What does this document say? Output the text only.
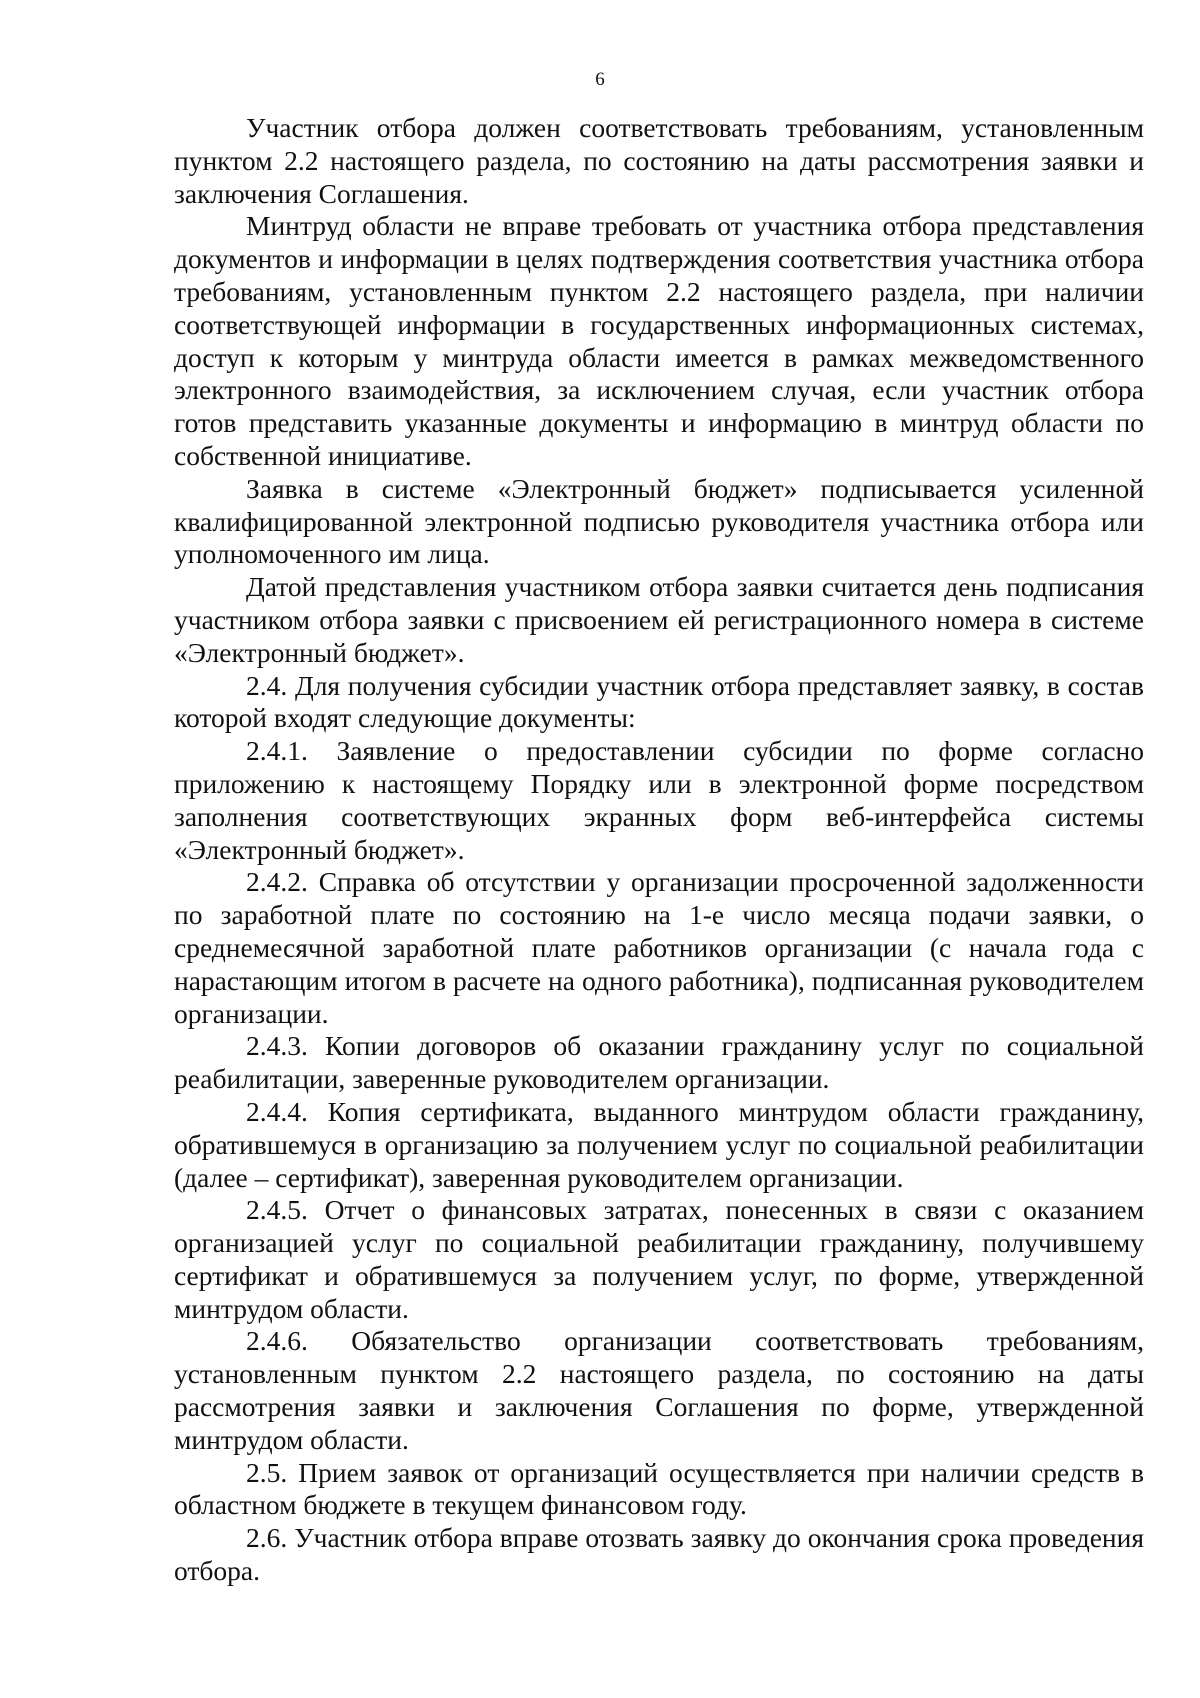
6

Участник отбора должен соответствовать требованиям, установленным пунктом 2.2 настоящего раздела, по состоянию на даты рассмотрения заявки и заключения Соглашения.

Минтруд области не вправе требовать от участника отбора представления документов и информации в целях подтверждения соответствия участника отбора требованиям, установленным пунктом 2.2 настоящего раздела, при наличии соответствующей информации в государственных информационных системах, доступ к которым у минтруда области имеется в рамках межведомственного электронного взаимодействия, за исключением случая, если участник отбора готов представить указанные документы и информацию в минтруд области по собственной инициативе.

Заявка в системе «Электронный бюджет» подписывается усиленной квалифицированной электронной подписью руководителя участника отбора или уполномоченного им лица.

Датой представления участником отбора заявки считается день подписания участником отбора заявки с присвоением ей регистрационного номера в системе «Электронный бюджет».

2.4. Для получения субсидии участник отбора представляет заявку, в состав которой входят следующие документы:

2.4.1. Заявление о предоставлении субсидии по форме согласно приложению к настоящему Порядку или в электронной форме посредством заполнения соответствующих экранных форм веб-интерфейса системы «Электронный бюджет».

2.4.2. Справка об отсутствии у организации просроченной задолженности по заработной плате по состоянию на 1-е число месяца подачи заявки, о среднемесячной заработной плате работников организации (с начала года с нарастающим итогом в расчете на одного работника), подписанная руководителем организации.

2.4.3. Копии договоров об оказании гражданину услуг по социальной реабилитации, заверенные руководителем организации.

2.4.4. Копия сертификата, выданного минтрудом области гражданину, обратившемуся в организацию за получением услуг по социальной реабилитации (далее – сертификат), заверенная руководителем организации.

2.4.5. Отчет о финансовых затратах, понесенных в связи с оказанием организацией услуг по социальной реабилитации гражданину, получившему сертификат и обратившемуся за получением услуг, по форме, утвержденной минтрудом области.

2.4.6. Обязательство организации соответствовать требованиям, установленным пунктом 2.2 настоящего раздела, по состоянию на даты рассмотрения заявки и заключения Соглашения по форме, утвержденной минтрудом области.

2.5. Прием заявок от организаций осуществляется при наличии средств в областном бюджете в текущем финансовом году.

2.6. Участник отбора вправе отозвать заявку до окончания срока проведения отбора.
